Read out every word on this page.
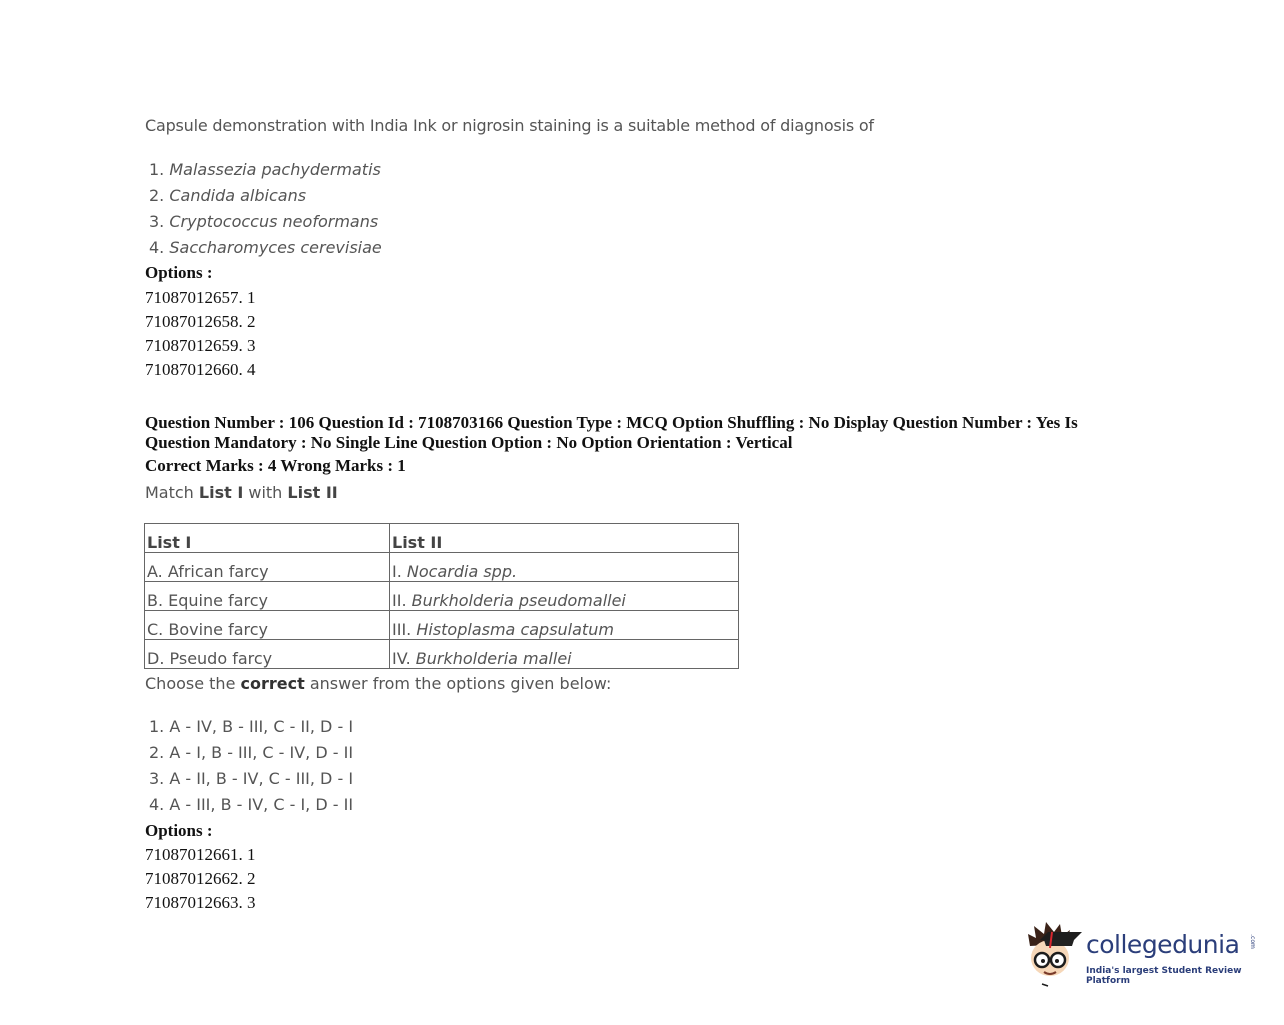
Capsule demonstration with India Ink or nigrosin staining is a suitable method of diagnosis of
1. Malassezia pachydermatis
2. Candida albicans
3. Cryptococcus neoformans
4. Saccharomyces cerevisiae
Options :
71087012657. 1
71087012658. 2
71087012659. 3
71087012660. 4
Question Number : 106 Question Id : 7108703166 Question Type : MCQ Option Shuffling : No Display Question Number : Yes Is Question Mandatory : No Single Line Question Option : No Option Orientation : Vertical
Correct Marks : 4 Wrong Marks : 1
Match List I with List II
List I	List II
A. African farcy	I. Nocardia spp.
B. Equine farcy	II. Burkholderia pseudomallei
C. Bovine farcy	III. Histoplasma capsulatum
D. Pseudo farcy	IV. Burkholderia mallei
Choose the correct answer from the options given below:
1. A - IV, B - III, C - II, D - I
2. A - I, B - III, C - IV, D - II
3. A - II, B - IV, C - III, D - I
4. A - III, B - IV, C - I, D - II
Options :
71087012661. 1
71087012662. 2
71087012663. 3
collegedunia .com
India's largest Student Review Platform
